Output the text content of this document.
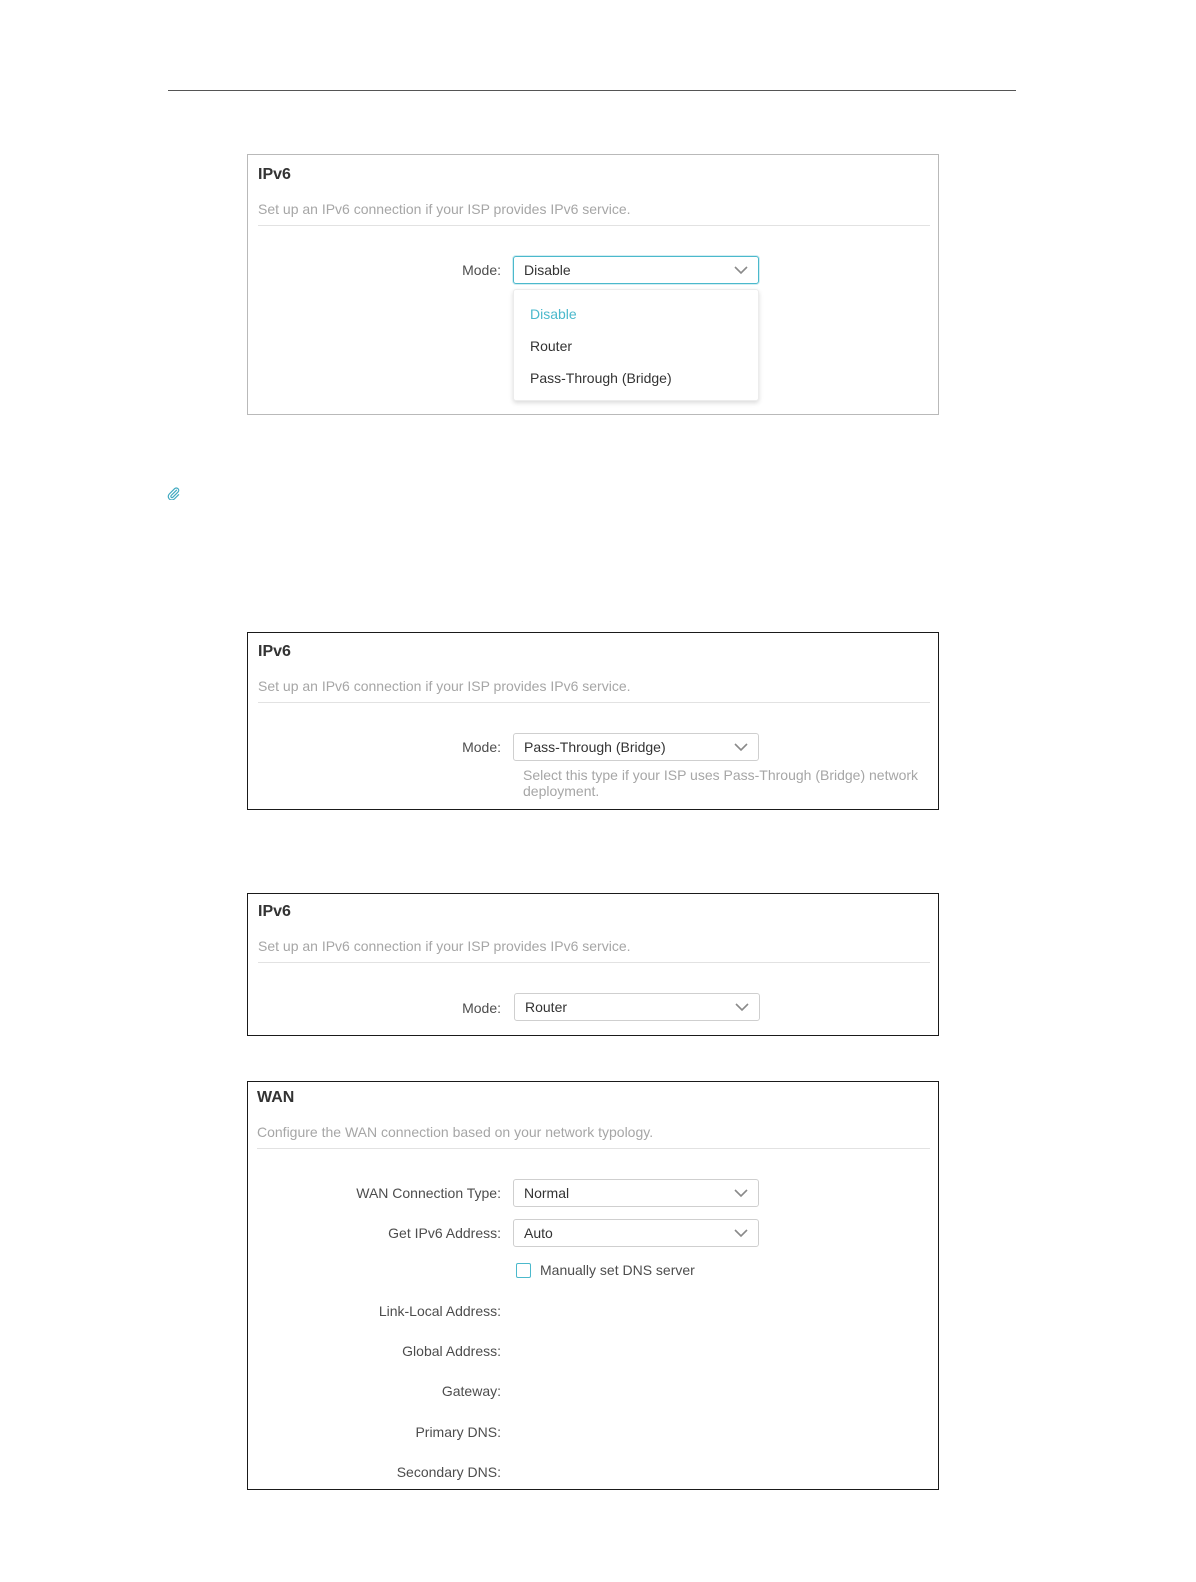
IPv6
Set up an IPv6 connection if your ISP provides IPv6 service.
Mode:	Disable
Disable
Router
Pass-Through (Bridge)
IPv6
Set up an IPv6 connection if your ISP provides IPv6 service.
Mode:	Pass-Through (Bridge)
Select this type if your ISP uses Pass-Through (Bridge) network deployment.
IPv6
Set up an IPv6 connection if your ISP provides IPv6 service.
Mode:	Router
WAN
Configure the WAN connection based on your network typology.
WAN Connection Type:	Normal
Get IPv6 Address:	Auto
Manually set DNS server
Link-Local Address:
Global Address:
Gateway:
Primary DNS:
Secondary DNS:
